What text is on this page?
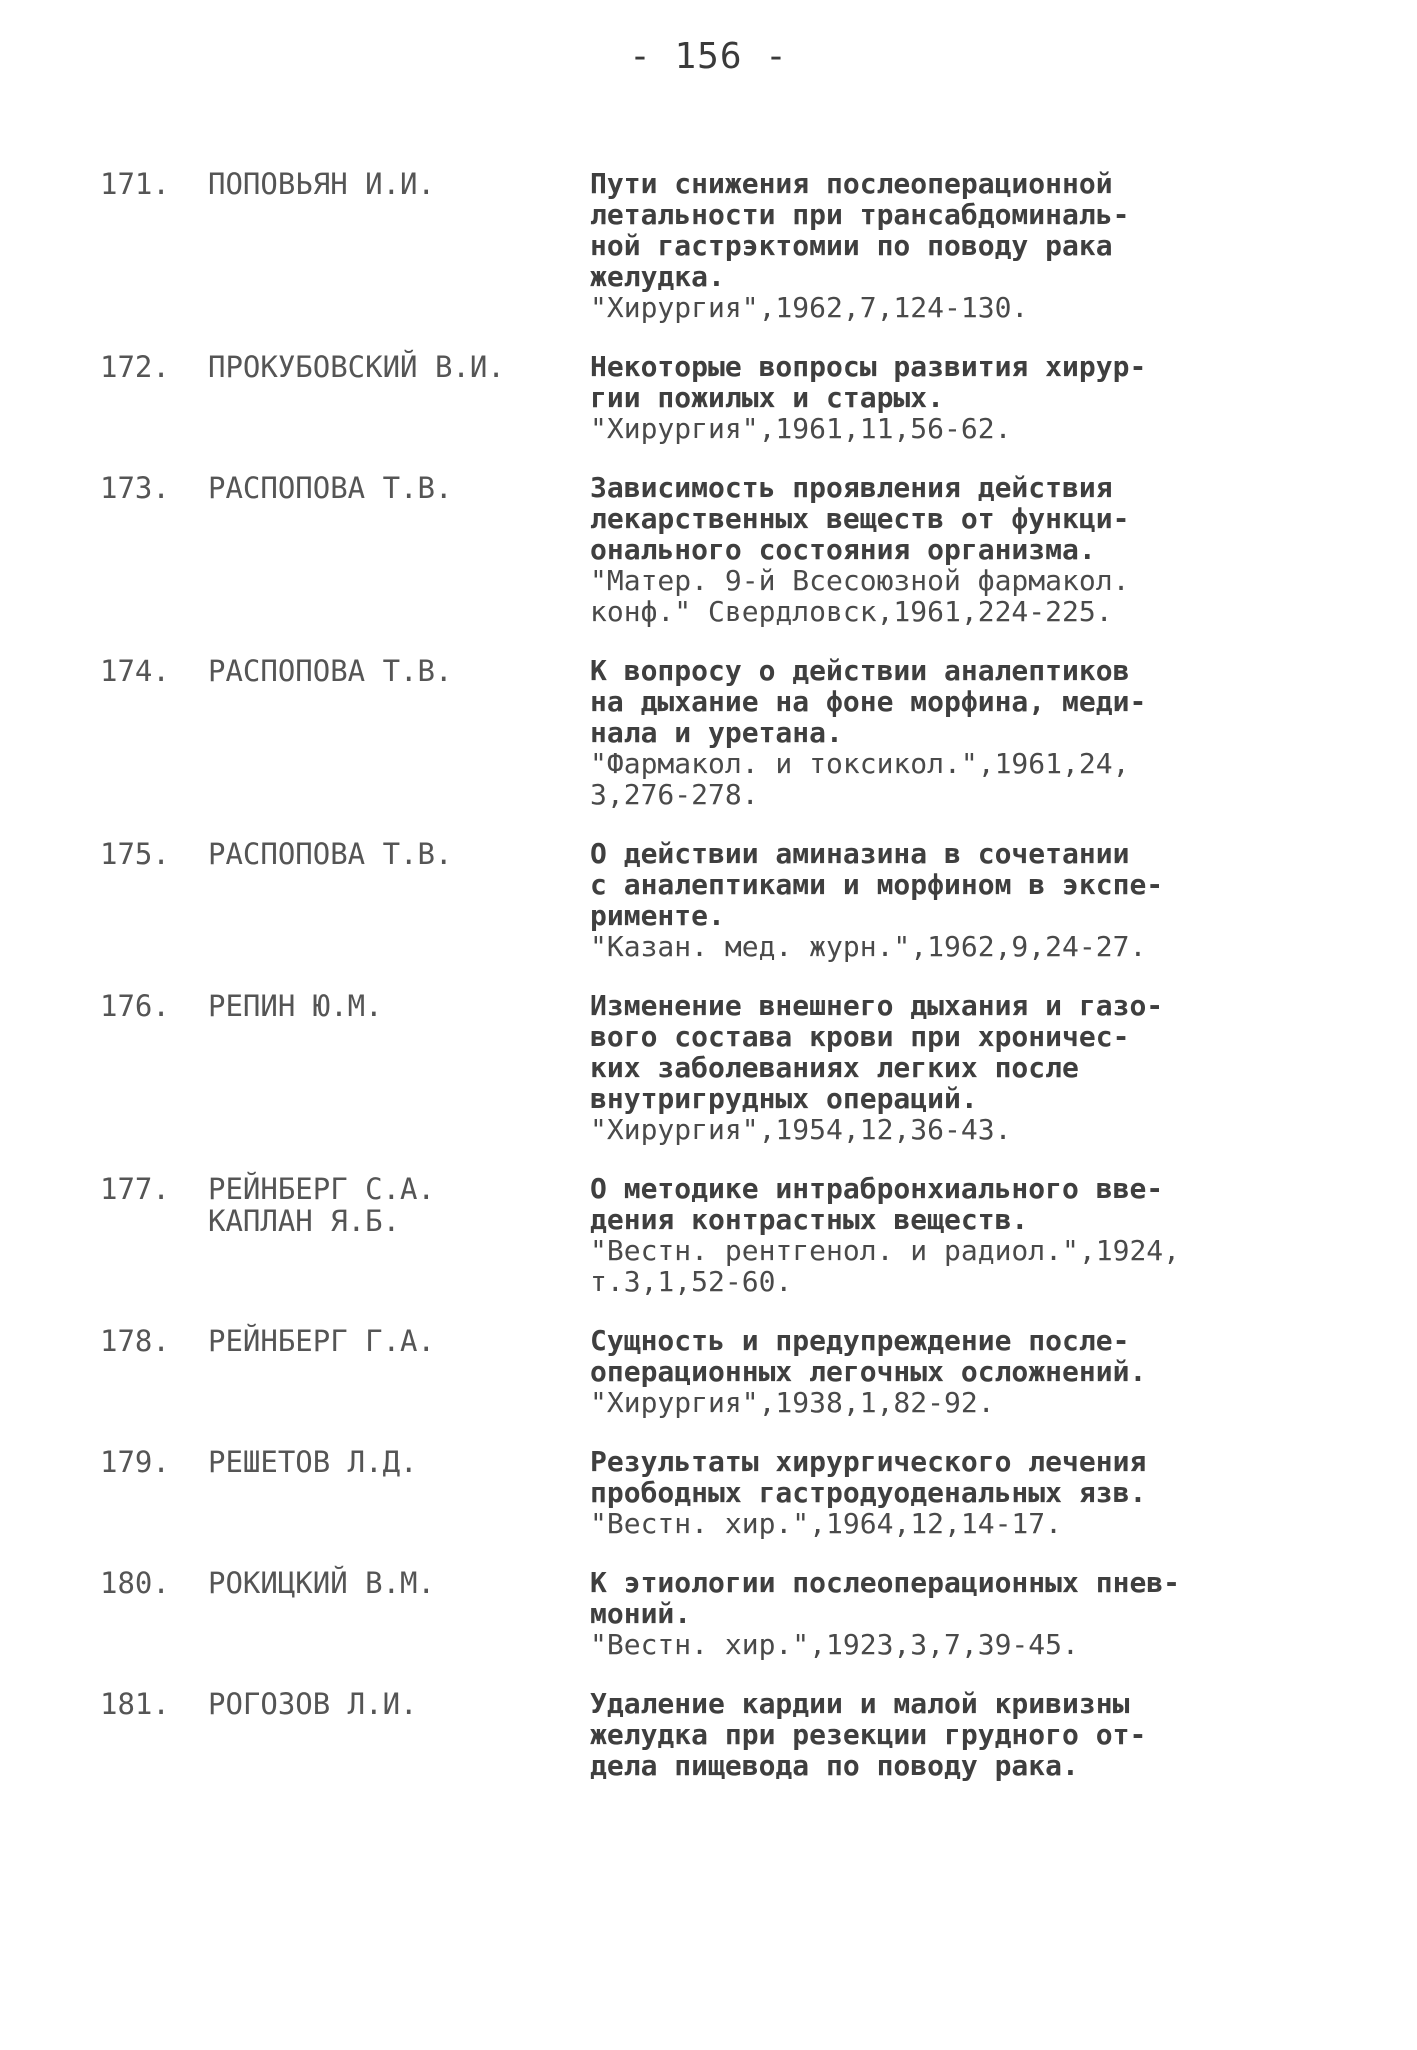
- 156 -
171.	ПОПОВЬЯН И.И.	Пути снижения послеоперационной
летальности при трансабдоминаль-
ной гастрэктомии по поводу рака
желудка.
"Хирургия",1962,7,124-130.
172.	ПРОКУБОВСКИЙ В.И.	Некоторые вопросы развития хирур-
гии пожилых и старых.
"Хирургия",1961,11,56-62.
173.	РАСПОПОВА Т.В.	Зависимость проявления действия
лекарственных веществ от функци-
онального состояния организма.
"Матер. 9-й Всесоюзной фармакол.
конф." Свердловск,1961,224-225.
174.	РАСПОПОВА Т.В.	К вопросу о действии аналептиков
на дыхание на фоне морфина, меди-
нала и уретана.
"Фармакол. и токсикол.",1961,24,
3,276-278.
175.	РАСПОПОВА Т.В.	О действии аминазина в сочетании
с аналептиками и морфином в экспе-
рименте.
"Казан. мед. журн.",1962,9,24-27.
176.	РЕПИН Ю.М.	Изменение внешнего дыхания и газо-
вого состава крови при хроничес-
ких заболеваниях легких после
внутригрудных операций.
"Хирургия",1954,12,36-43.
177.	РЕЙНБЕРГ С.А.
КАПЛАН Я.Б.
О методике интрабронхиального вве-
дения контрастных веществ.
"Вестн. рентгенол. и радиол.",1924,
т.3,1,52-60.
178.	РЕЙНБЕРГ Г.А.	Сущность и предупреждение после-
операционных легочных осложнений.
"Хирургия",1938,1,82-92.
179.	РЕШЕТОВ Л.Д.	Результаты хирургического лечения
прободных гастродуоденальных язв.
"Вестн. хир.",1964,12,14-17.
180.	РОКИЦКИЙ В.М.	К этиологии послеоперационных пнев-
моний.
"Вестн. хир.",1923,3,7,39-45.
181.	РОГОЗОВ Л.И.	Удаление кардии и малой кривизны
желудка при резекции грудного от-
дела пищевода по поводу рака.
